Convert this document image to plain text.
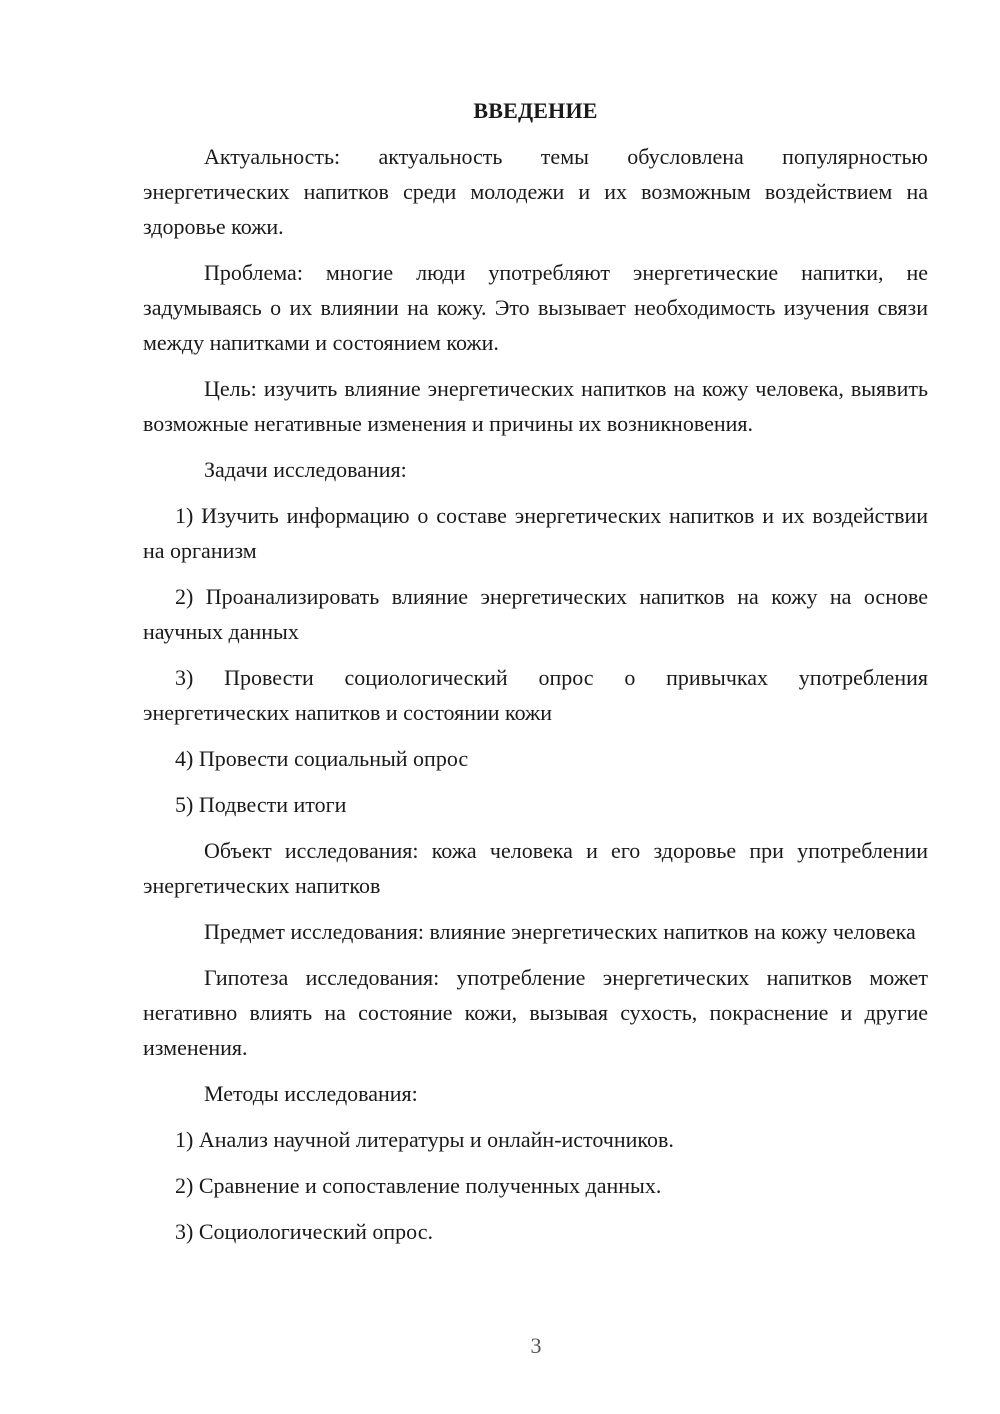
ВВЕДЕНИЕ

Актуальность: актуальность темы обусловлена популярностью энергетических напитков среди молодежи и их возможным воздействием на здоровье кожи.

Проблема: многие люди употребляют энергетические напитки, не задумываясь о их влиянии на кожу. Это вызывает необходимость изучения связи между напитками и состоянием кожи.

Цель: изучить влияние энергетических напитков на кожу человека, выявить возможные негативные изменения и причины их возникновения.

Задачи исследования:

1) Изучить информацию о составе энергетических напитков и их воздействии на организм

2) Проанализировать влияние энергетических напитков на кожу на основе научных данных

3) Провести социологический опрос о привычках употребления энергетических напитков и состоянии кожи

4) Провести социальный опрос

5) Подвести итоги

Объект исследования: кожа человека и его здоровье при употреблении энергетических напитков

Предмет исследования: влияние энергетических напитков на кожу человека

Гипотеза исследования: употребление энергетических напитков может негативно влиять на состояние кожи, вызывая сухость, покраснение и другие изменения.

Методы исследования:

1) Анализ научной литературы и онлайн-источников.

2) Сравнение и сопоставление полученных данных.

3) Социологический опрос.

3
